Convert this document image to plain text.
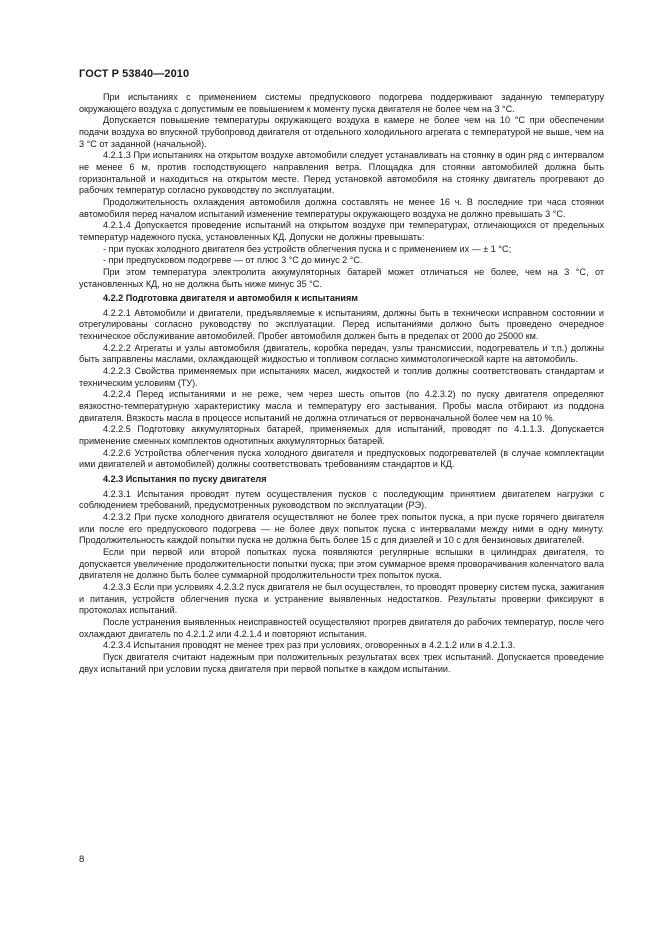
ГОСТ Р 53840—2010

При испытаниях с применением системы предпускового подогрева поддерживают заданную температуру окружающего воздуха с допустимым ее повышением к моменту пуска двигателя не более чем на 3 °С.

Допускается повышение температуры окружающего воздуха в камере не более чем на 10 °С при обеспечении подачи воздуха во впускной трубопровод двигателя от отдельного холодильного агрегата с температурой не выше, чем на 3 °С от заданной (начальной).

4.2.1.3 При испытаниях на открытом воздухе автомобили следует устанавливать на стоянку в один ряд с интервалом не менее 6 м, против господствующего направления ветра. Площадка для стоянки автомобилей должна быть горизонтальной и находиться на открытом месте. Перед установкой автомобиля на стоянку двигатель прогревают до рабочих температур согласно руководству по эксплуатации.

Продолжительность охлаждения автомобиля должна составлять не менее 16 ч. В последние три часа стоянки автомобиля перед началом испытаний изменение температуры окружающего воздуха не должно превышать 3 °С.

4.2.1.4 Допускается проведение испытаний на открытом воздухе при температурах, отличающихся от предельных температур надежного пуска, установленных КД. Допуски не должны превышать:

- при пусках холодного двигателя без устройств облегчения пуска и с применением их — ± 1 °С;

- при предпусковом подогреве — от плюс 3 °С до минус 2 °С.

При этом температура электролита аккумуляторных батарей может отличаться не более, чем на 3 °С, от установленных КД, но не должна быть ниже минус 35 °С.

4.2.2 Подготовка двигателя и автомобиля к испытаниям

4.2.2.1 Автомобили и двигатели, предъявляемые к испытаниям, должны быть в технически исправном состоянии и отрегулированы согласно руководству по эксплуатации. Перед испытаниями должно быть проведено очередное техническое обслуживание автомобилей. Пробег автомобиля должен быть в пределах от 2000 до 25000 км.

4.2.2.2 Агрегаты и узлы автомобиля (двигатель, коробка передач, узлы трансмиссии, подогреватель и т.п.) должны быть заправлены маслами, охлаждающей жидкостью и топливом согласно химмотологической карте на автомобиль.

4.2.2.3 Свойства применяемых при испытаниях масел, жидкостей и топлив должны соответствовать стандартам и техническим условиям (ТУ).

4.2.2.4 Перед испытаниями и не реже, чем через шесть опытов (по 4.2.3.2) по пуску двигателя определяют вязкостно-температурную характеристику масла и температуру его застывания. Пробы масла отбирают из поддона двигателя. Вязкость масла в процессе испытаний не должна отличаться от первоначальной более чем на 10 %.

4.2.2.5 Подготовку аккумуляторных батарей, применяемых для испытаний, проводят по 4.1.1.3. Допускается применение сменных комплектов однотипных аккумуляторных батарей.

4.2.2.6 Устройства облегчения пуска холодного двигателя и предпусковых подогревателей (в случае комплектации ими двигателей и автомобилей) должны соответствовать требованиям стандартов и КД.

4.2.3 Испытания по пуску двигателя

4.2.3.1 Испытания проводят путем осуществления пусков с последующим принятием двигателем нагрузки с соблюдением требований, предусмотренных руководством по эксплуатации (РЭ).

4.2.3.2 При пуске холодного двигателя осуществляют не более трех попыток пуска, а при пуске горячего двигателя или после его предпускового подогрева — не более двух попыток пуска с интервалами между ними в одну минуту. Продолжительность каждой попытки пуска не должна быть более 15 с для дизелей и 10 с для бензиновых двигателей.

Если при первой или второй попытках пуска появляются регулярные вспышки в цилиндрах двигателя, то допускается увеличение продолжительности попытки пуска; при этом суммарное время проворачивания коленчатого вала двигателя не должно быть более суммарной продолжительности трех попыток пуска.

4.2.3.3 Если при условиях 4.2.3.2 пуск двигателя не был осуществлен, то проводят проверку систем пуска, зажигания и питания, устройств облегчения пуска и устранение выявленных недостатков. Результаты проверки фиксируют в протоколах испытаний.

После устранения выявленных неисправностей осуществляют прогрев двигателя до рабочих температур, после чего охлаждают двигатель по 4.2.1.2 или 4.2.1.4 и повторяют испытания.

4.2.3.4 Испытания проводят не менее трех раз при условиях, оговоренных в 4.2.1.2 или в 4.2.1.3.

Пуск двигателя считают надежным при положительных результатах всех трех испытаний. Допускается проведение двух испытаний при условии пуска двигателя при первой попытке в каждом испытании.

8
